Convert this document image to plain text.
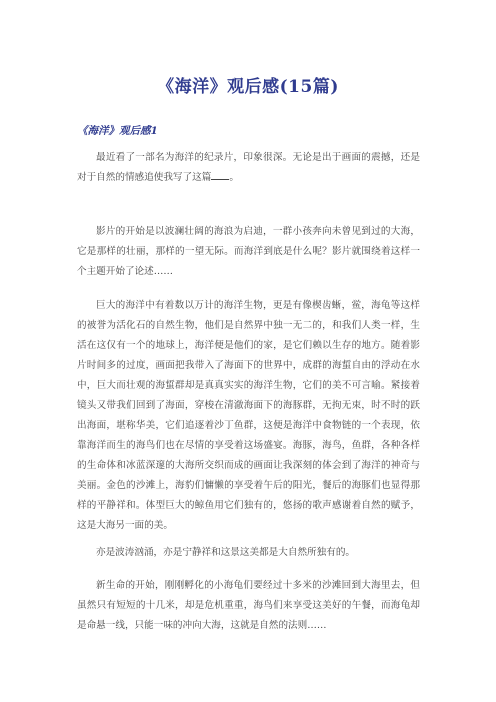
《海洋》观后感(15篇)
《海洋》观后感1

最近看了一部名为海洋的纪录片，印象很深。无论是出于画面的震撼，还是对于自然的情感追使我写了这篇 。

影片的开始是以波澜壮阔的海浪为启迪，一群小孩奔向未曾见到过的大海，它是那样的壮丽，那样的一望无际。而海洋到底是什么呢？影片就围绕着这样一个主题开始了论述……

巨大的海洋中有着数以万计的海洋生物，更是有像楔齿蜥，鲎，海龟等这样的被誉为活化石的自然生物，他们是自然界中独一无二的，和我们人类一样，生活在这仅有一个的地球上，海洋便是他们的家，是它们赖以生存的地方。随着影片时间多的过度，画面把我带入了海面下的世界中，成群的海蜇自由的浮动在水中，巨大而壮观的海蜇群却是真真实实的海洋生物，它们的美不可言喻。紧接着镜头又带我们回到了海面，穿梭在清澈海面下的海豚群，无拘无束，时不时的跃出海面，堪称华美，它们追逐着沙丁鱼群，这便是海洋中食物链的一个表现，依靠海洋而生的海鸟们也在尽情的享受着这场盛宴。海豚，海鸟，鱼群，各种各样的生命体和冰蓝深邃的大海所交织而成的画面让我深刻的体会到了海洋的神奇与美丽。金色的沙滩上，海豹们慵懒的享受着午后的阳光，餐后的海豚们也显得那样的平静祥和。体型巨大的鲸鱼用它们独有的，悠扬的歌声感谢着自然的赋予，这是大海另一面的美。

亦是波涛汹涌，亦是宁静祥和这景这美都是大自然所独有的。

新生命的开始，刚刚孵化的小海龟们要经过十多米的沙滩回到大海里去，但虽然只有短短的十几米，却是危机重重，海鸟们来享受这美好的午餐，而海龟却是命悬一线，只能一味的冲向大海，这就是自然的法则……
